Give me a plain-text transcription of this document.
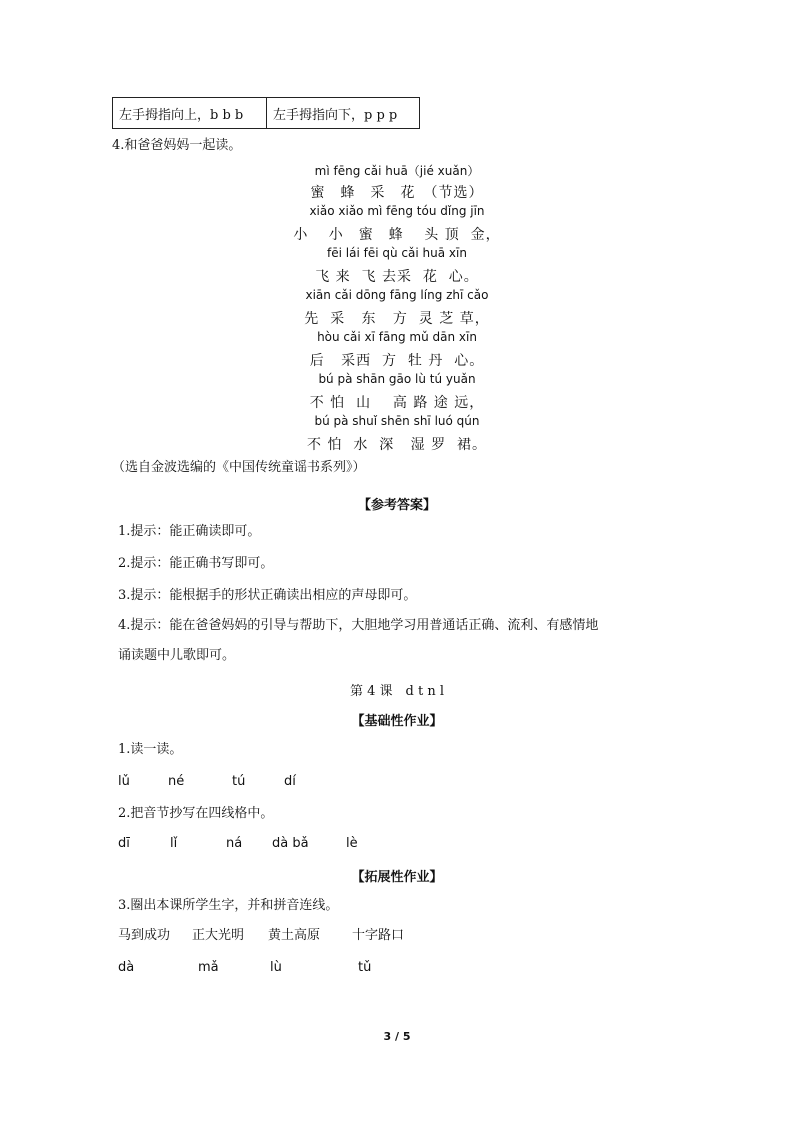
左手拇指向上，b b b	左手拇指向下，p p p
4.和爸爸妈妈一起读。
mì fēng cǎi huā（jié xuǎn）
蜜　蜂　采　花　（节选）
xiǎo xiǎo mì fēng tóu dǐng jīn
小　 小　蜜　蜂　 头 顶  金，
fēi lái fēi qù cǎi huā xīn
飞 来  飞 去采  花  心。
xiān cǎi dōng fāng líng zhī cǎo
先  采   东   方  灵 芝 草，
hòu cǎi xī fāng mǔ dān xīn
后   采西  方  牡 丹  心。
bú pà shān gāo lù tú yuǎn
不 怕  山    高 路 途 远，
bú pà shuǐ shēn shī luó qún
不 怕  水  深   湿 罗  裙。
（选自金波选编的《中国传统童谣书系列》）
【参考答案】
1.提示：能正确读即可。
2.提示：能正确书写即可。
3.提示：能根据手的形状正确读出相应的声母即可。
4.提示：能在爸爸妈妈的引导与帮助下，大胆地学习用普通话正确、流利、有感情地
诵读题中儿歌即可。
第 4 课　d t n l
【基础性作业】
1.读一读。
lǔ	né	tú	dí
2.把音节抄写在四线格中。
dī	lǐ	ná dà bǎ	lè
【拓展性作业】
3.圈出本课所学生字，并和拼音连线。
马到成功 正大光明 黄土高原 十字路口
dà	mǎ	lù	tǔ
3 / 5
